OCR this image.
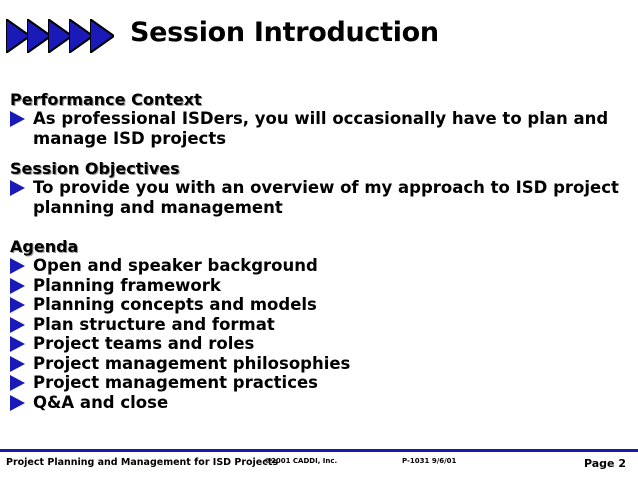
Session Introduction
Performance Context
As professional ISDers, you will occasionally have to plan and manage ISD projects
Session Objectives
To provide you with an overview of my approach to ISD project planning and management
Agenda
Open and speaker background
Planning framework
Planning concepts and models
Plan structure and format
Project teams and roles
Project management philosophies
Project management practices
Q&A and close
Project Planning and Management for ISD Projects
©2001 CADDI, Inc.	P-1031 9/6/01	Page 2
